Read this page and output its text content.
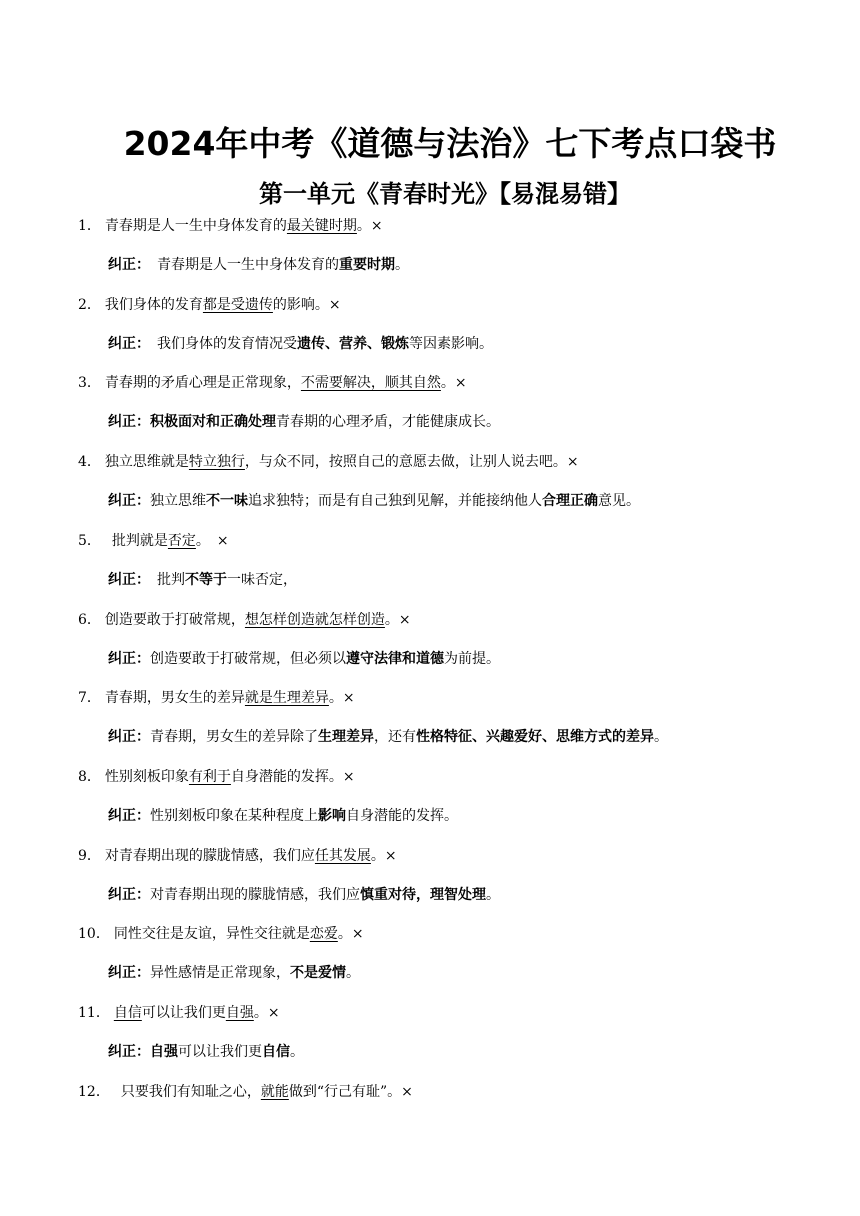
2024年中考《道德与法治》七下考点口袋书
第一单元《青春时光》【易混易错】
1． 青春期是人一生中身体发育的最关键时期。×
纠正：　青春期是人一生中身体发育的重要时期。
2． 我们身体的发育都是受遗传的影响。×
纠正：　我们身体的发育情况受遗传、营养、锻炼等因素影响。
3． 青春期的矛盾心理是正常现象，不需要解决，顺其自然。×
纠正：积极面对和正确处理青春期的心理矛盾，才能健康成长。
4． 独立思维就是特立独行，与众不同，按照自己的意愿去做，让别人说去吧。×
纠正：独立思维不一味追求独特；而是有自己独到见解，并能接纳他人合理正确意见。
5．　批判就是否定。　×
纠正：　批判不等于一味否定，
6． 创造要敢于打破常规，想怎样创造就怎样创造。×
纠正：创造要敢于打破常规，但必须以遵守法律和道德为前提。
7． 青春期，男女生的差异就是生理差异。×
纠正：青春期，男女生的差异除了生理差异，还有性格特征、兴趣爱好、思维方式的差异。
8． 性别刻板印象有利于自身潜能的发挥。×
纠正：性别刻板印象在某种程度上影响自身潜能的发挥。
9． 对青春期出现的朦胧情感，我们应任其发展。×
纠正：对青春期出现的朦胧情感，我们应慎重对待，理智处理。
10． 同性交往是友谊，异性交往就是恋爱。×
纠正：异性感情是正常现象，不是爱情。
11． 自信可以让我们更自强。×
纠正：自强可以让我们更自信。
12．　只要我们有知耻之心，就能做到“行己有耻”。×
